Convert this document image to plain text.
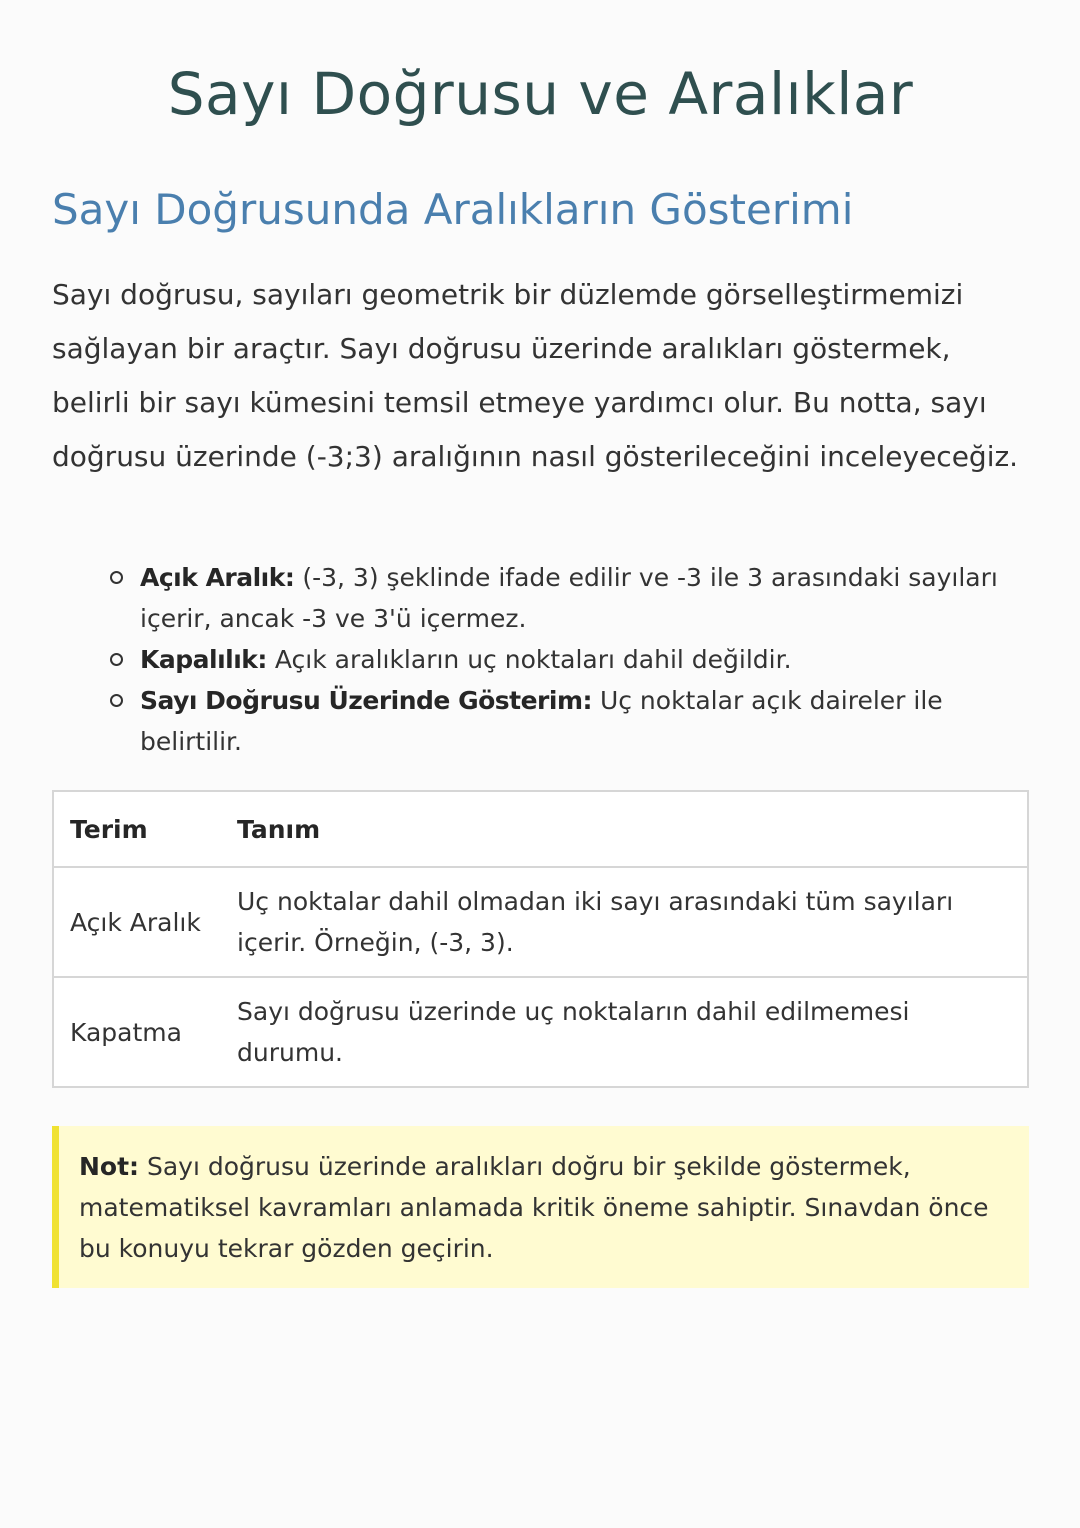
Sayı Doğrusu ve Aralıklar
Sayı Doğrusunda Aralıkların Gösterimi

Sayı doğrusu, sayıları geometrik bir düzlemde görselleştirmemizi sağlayan bir araçtır. Sayı doğrusu üzerinde aralıkları göstermek, belirli bir sayı kümesini temsil etmeye yardımcı olur. Bu notta, sayı doğrusu üzerinde (-3;3) aralığının nasıl gösterileceğini inceleyeceğiz.

Açık Aralık: (-3, 3) şeklinde ifade edilir ve -3 ile 3 arasındaki sayıları içerir, ancak -3 ve 3'ü içermez.
Kapalılık: Açık aralıkların uç noktaları dahil değildir.
Sayı Doğrusu Üzerinde Gösterim: Uç noktalar açık daireler ile belirtilir.
Terim	Tanım
Açık Aralık	Uç noktalar dahil olmadan iki sayı arasındaki tüm sayıları içerir. Örneğin, (-3, 3).
Kapatma	Sayı doğrusu üzerinde uç noktaların dahil edilmemesi durumu.
Not: Sayı doğrusu üzerinde aralıkları doğru bir şekilde göstermek, matematiksel kavramları anlamada kritik öneme sahiptir. Sınavdan önce bu konuyu tekrar gözden geçirin.
